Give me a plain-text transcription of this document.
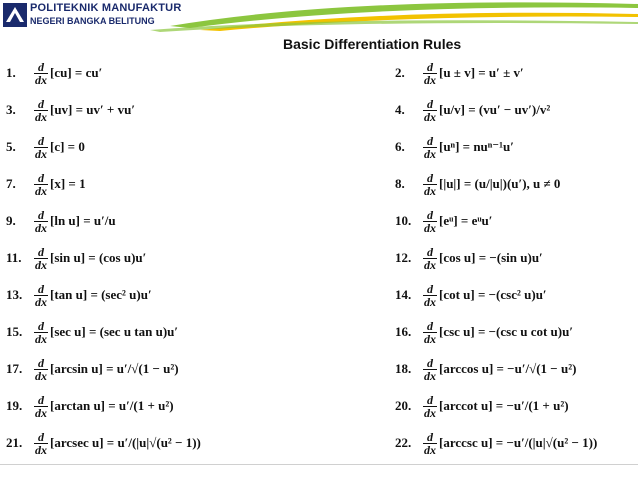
POLITEKNIK MANUFAKTUR
NEGERI BANGKA BELITUNG
Basic Differentiation Rules
1.	$\frac{d}{dx} [cu] = cu'$	2.	$\frac{d}{dx} [u \pm v] = u' \pm v'$
3.	$\frac{d}{dx} [uv] = uv' + vu'$	4.	$\frac{d}{dx} [u/v] = (vu' - uv')/v^2$
5.	$\frac{d}{dx} [c] = 0$	6.	$\frac{d}{dx} [u^n] = nu^{n-1}u'$
7.	$\frac{d}{dx} [x] = 1$	8.	$\frac{d}{dx} [|u|] = (u/|u|)(u')$, u ≠ 0
9.	$\frac{d}{dx} [\ln$ u] = u′/u	10. $\frac{d}{dx}$ [eᵘ] = eᵘu′
11.	$\frac{d}{dx} [\sin$ u] = (cos u)u′	12. $\frac{d}{dx} [\cos$ u] = −(sin u)u′
13. $\frac{d}{dx} [\tan$ u] = (sec² u)u′	14. $\frac{d}{dx} [\cot$ u] = −(csc² u)u′
15. $\frac{d}{dx} [\sec$ u] = (sec u tan u)u′	16. $\frac{d}{dx} [\csc$ u] = −(csc u cot u)u′
17. $\frac{d}{dx} [\arcsin$ u] = u′/√(1 − u²)	18. $\frac{d}{dx} [\arccos$ u] = −u′/√(1 − u²)
19. $\frac{d}{dx} [\arctan$ u] = u′/(1 + u²)	20. $\frac{d}{dx} [arccot$ u] = −u′/(1 + u²)
21. $\frac{d}{dx} [arcsec$ u] = u′/(|u|√(u² − 1))	22. $\frac{d}{dx} [arccsc$ u] = −u′/(|u|√(u² − 1))
